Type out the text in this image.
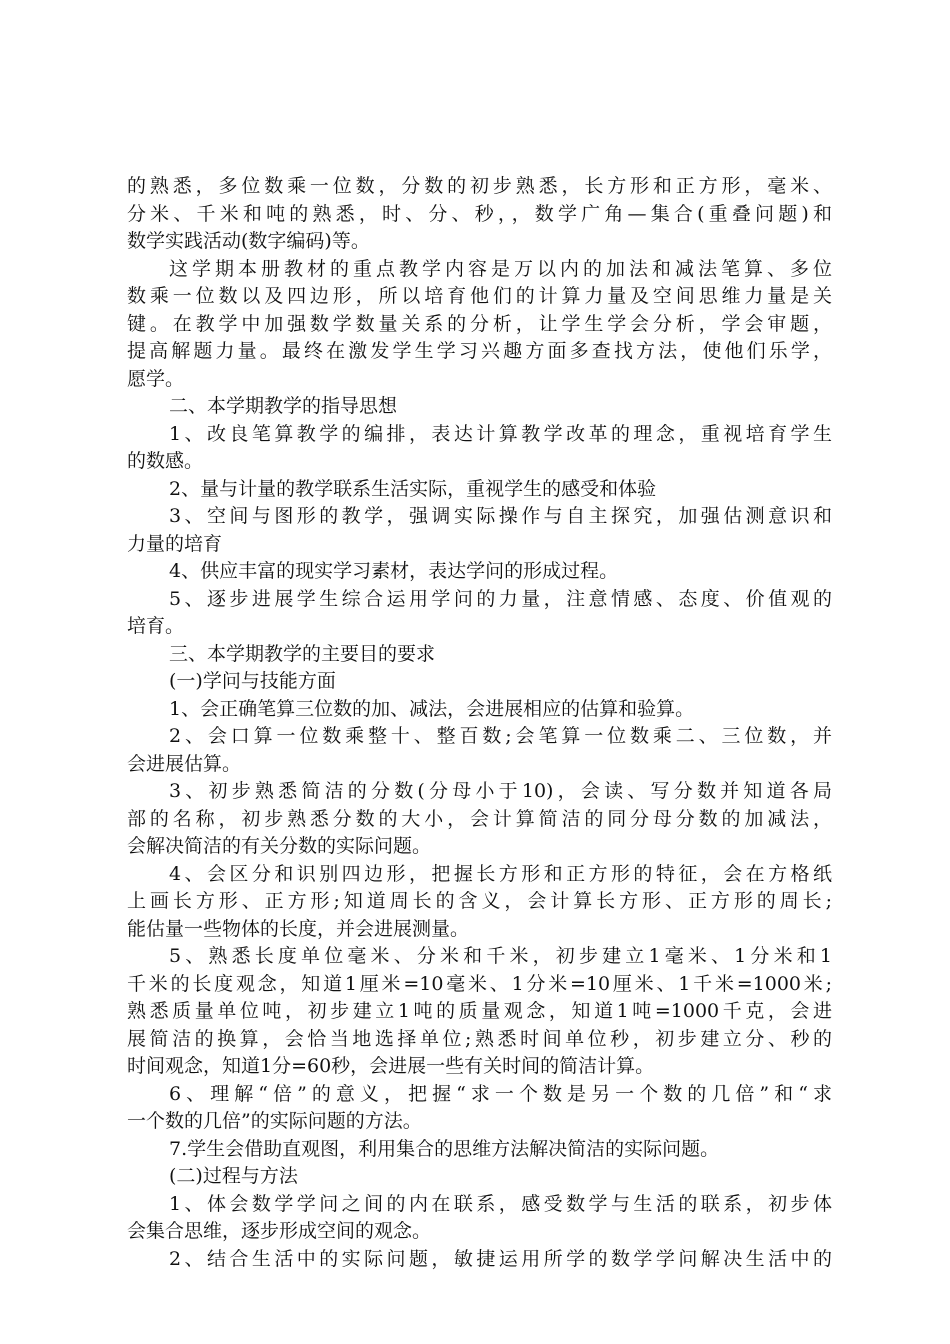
的熟悉，多位数乘一位数，分数的初步熟悉，长方形和正方形，毫米、
分米、千米和吨的熟悉，时、分、秒，，数学广角—集合(重叠问题)和
数学实践活动(数字编码)等。
这学期本册教材的重点教学内容是万以内的加法和减法笔算、多位
数乘一位数以及四边形，所以培育他们的计算力量及空间思维力量是关
键。在教学中加强数学数量关系的分析，让学生学会分析，学会审题，
提高解题力量。最终在激发学生学习兴趣方面多查找方法，使他们乐学，
愿学。
二、本学期教学的指导思想
1、改良笔算教学的编排，表达计算教学改革的理念，重视培育学生
的数感。
2、量与计量的教学联系生活实际，重视学生的感受和体验
3、空间与图形的教学，强调实际操作与自主探究，加强估测意识和
力量的培育
4、供应丰富的现实学习素材，表达学问的形成过程。
5、逐步进展学生综合运用学问的力量，注意情感、态度、价值观的
培育。
三、本学期教学的主要目的要求
(一)学问与技能方面
1、会正确笔算三位数的加、减法，会进展相应的估算和验算。
2、会口算一位数乘整十、整百数;会笔算一位数乘二、三位数，并
会进展估算。
3、初步熟悉简洁的分数(分母小于10)，会读、写分数并知道各局
部的名称，初步熟悉分数的大小，会计算简洁的同分母分数的加减法，
会解决简洁的有关分数的实际问题。
4、会区分和识别四边形，把握长方形和正方形的特征，会在方格纸
上画长方形、正方形;知道周长的含义，会计算长方形、正方形的周长;
能估量一些物体的长度，并会进展测量。
5、熟悉长度单位毫米、分米和千米，初步建立1毫米、1分米和1
千米的长度观念，知道1厘米=10毫米、1分米=10厘米、1千米=1000米;
熟悉质量单位吨，初步建立1吨的质量观念，知道1吨=1000千克，会进
展简洁的换算，会恰当地选择单位;熟悉时间单位秒，初步建立分、秒的
时间观念，知道1分=60秒，会进展一些有关时间的简洁计算。
6、理解“倍”的意义，把握“求一个数是另一个数的几倍”和“求
一个数的几倍”的实际问题的方法。
7.学生会借助直观图，利用集合的思维方法解决简洁的实际问题。
(二)过程与方法
1、体会数学学问之间的内在联系，感受数学与生活的联系，初步体
会集合思维，逐步形成空间的观念。
2、结合生活中的实际问题，敏捷运用所学的数学学问解决生活中的
